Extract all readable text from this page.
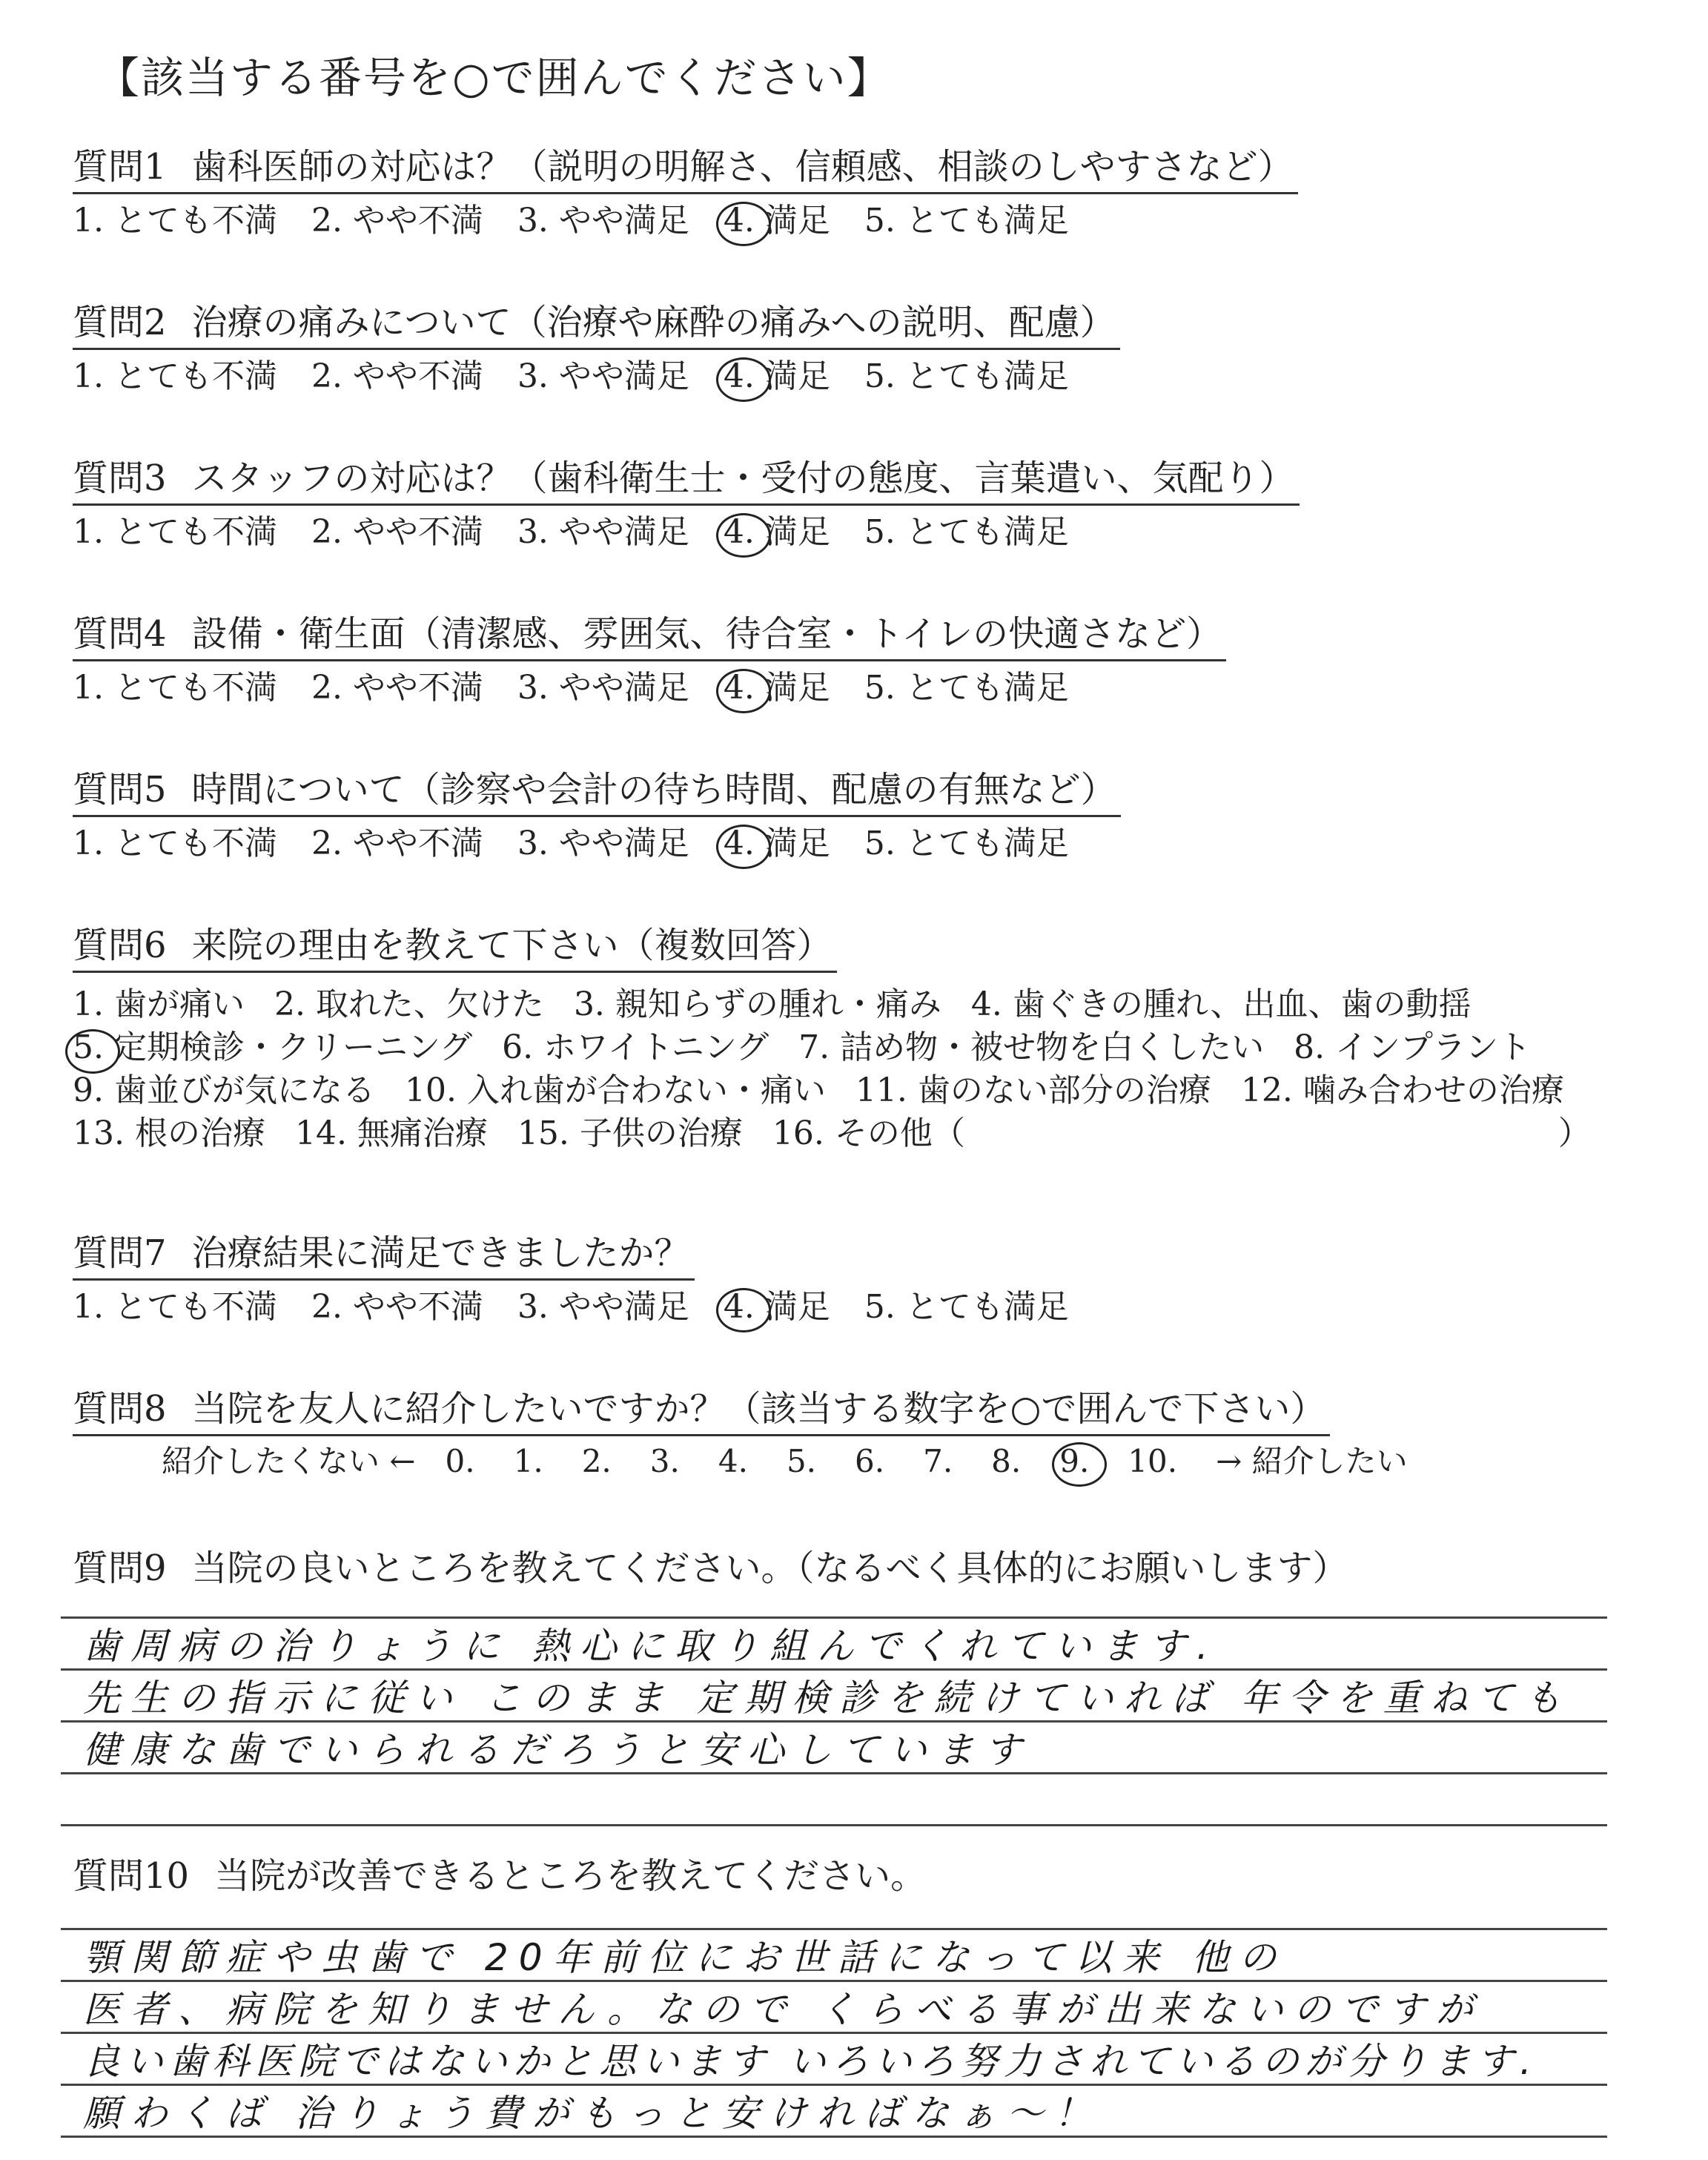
【該当する番号を○で囲んでください】
質問1 歯科医師の対応は？（説明の明解さ、信頼感、相談のしやすさなど）
1. とても不満 2. やや不満 3. やや満足 4. 満足 5. とても満足
質問2 治療の痛みについて（治療や麻酔の痛みへの説明、配慮）
1. とても不満 2. やや不満 3. やや満足 4. 満足 5. とても満足
質問3 スタッフの対応は？（歯科衛生士・受付の態度、言葉遣い、気配り）
1. とても不満 2. やや不満 3. やや満足 4. 満足 5. とても満足
質問4 設備・衛生面（清潔感、雰囲気、待合室・トイレの快適さなど）
1. とても不満 2. やや不満 3. やや満足 4. 満足 5. とても満足
質問5 時間について（診察や会計の待ち時間、配慮の有無など）
1. とても不満 2. やや不満 3. やや満足 4. 満足 5. とても満足
質問6 来院の理由を教えて下さい（複数回答）
1. 歯が痛い 2. 取れた、欠けた 3. 親知らずの腫れ・痛み 4. 歯ぐきの腫れ、出血、歯の動揺
5. 定期検診・クリーニング 6. ホワイトニング 7. 詰め物・被せ物を白くしたい 8. インプラント
9. 歯並びが気になる 10. 入れ歯が合わない・痛い 11. 歯のない部分の治療 12. 噛み合わせの治療
13. 根の治療 14. 無痛治療 15. 子供の治療 16. その他（	）
質問7 治療結果に満足できましたか？
1. とても不満 2. やや不満 3. やや満足 4. 満足 5. とても満足
質問8 当院を友人に紹介したいですか？（該当する数字を○で囲んで下さい）
紹介したくない ← 0. 1. 2. 3. 4. 5. 6. 7. 8. 9. 10. → 紹介したい
質問9 当院の良いところを教えてください。（なるべく具体的にお願いします）
歯周病の治りょうに 熱心に取り組んでくれています.
先生の指示に従い このまま 定期検診を続けていれば 年令を重ねても
健康な歯でいられるだろうと安心しています
質問10 当院が改善できるところを教えてください。
顎関節症や虫歯で 20年前位にお世話になって以来 他の
医者、病院を知りません。なので くらべる事が出来ないのですが
良い歯科医院ではないかと思います いろいろ努力されているのが分ります.
願わくば 治りょう費がもっと安ければなぁ〜！
